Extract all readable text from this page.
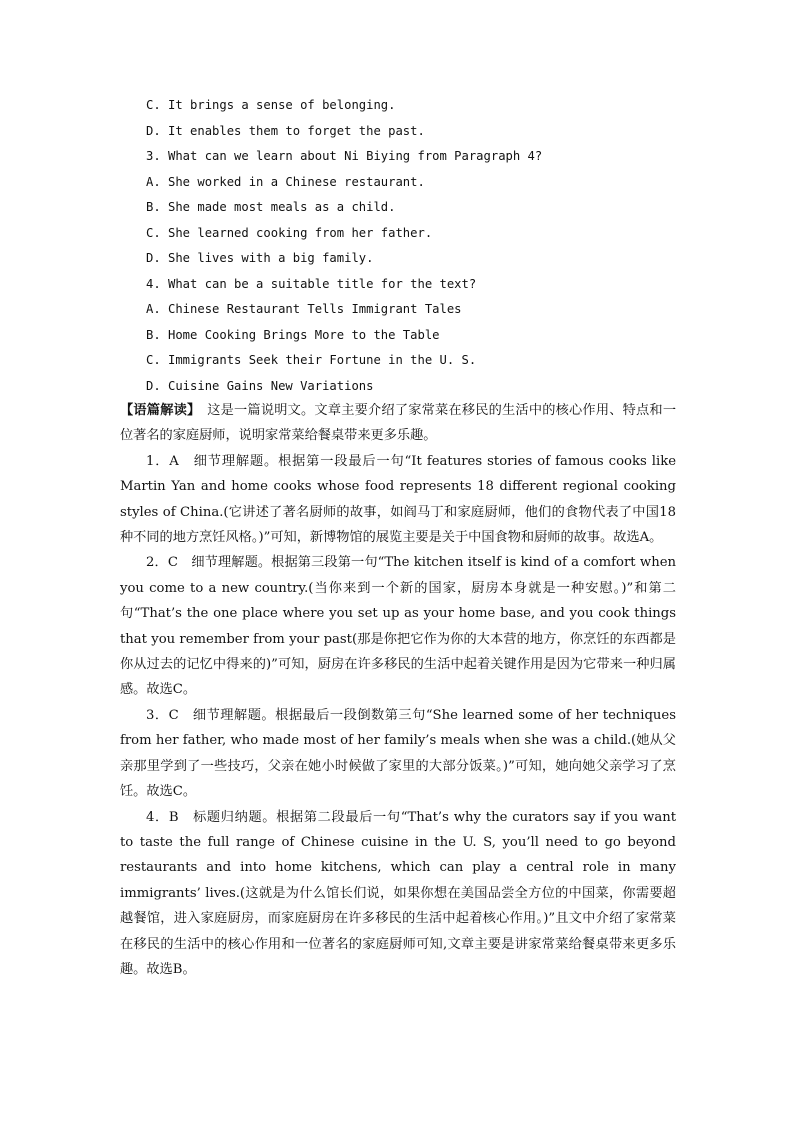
C. It brings a sense of belonging.
D. It enables them to forget the past.
3. What can we learn about Ni Biying from Paragraph 4?
A. She worked in a Chinese restaurant.
B. She made most meals as a child.
C. She learned cooking from her father.
D. She lives with a big family.
4. What can be a suitable title for the text?
A. Chinese Restaurant Tells Immigrant Tales
B. Home Cooking Brings More to the Table
C. Immigrants Seek their Fortune in the U. S.
D. Cuisine Gains New Variations

【语篇解读】　这是一篇说明文。文章主要介绍了家常菜在移民的生活中的核心作用、特点和一位著名的家庭厨师，说明家常菜给餐桌带来更多乐趣。

1．A　细节理解题。根据第一段最后一句“It features stories of famous cooks like Martin Yan and home cooks whose food represents 18 different regional cooking styles of China.(它讲述了著名厨师的故事，如阎马丁和家庭厨师，他们的食物代表了中国18种不同的地方烹饪风格。)”可知，新博物馆的展览主要是关于中国食物和厨师的故事。故选A。

2．C　细节理解题。根据第三段第一句“The kitchen itself is kind of a comfort when you come to a new country.(当你来到一个新的国家，厨房本身就是一种安慰。)”和第二句“That’s the one place where you set up as your home base, and you cook things that you remember from your past(那是你把它作为你的大本营的地方，你烹饪的东西都是你从过去的记忆中得来的)”可知，厨房在许多移民的生活中起着关键作用是因为它带来一种归属感。故选C。

3．C　细节理解题。根据最后一段倒数第三句“She learned some of her techniques from her father, who made most of her family’s meals when she was a child.(她从父亲那里学到了一些技巧，父亲在她小时候做了家里的大部分饭菜。)”可知，她向她父亲学习了烹饪。故选C。

4．B　标题归纳题。根据第二段最后一句“That’s why the curators say if you want to taste the full range of Chinese cuisine in the U. S, you’ll need to go beyond restaurants and into home kitchens, which can play a central role in many immigrants’ lives.(这就是为什么馆长们说，如果你想在美国品尝全方位的中国菜，你需要超越餐馆，进入家庭厨房，而家庭厨房在许多移民的生活中起着核心作用。)”且文中介绍了家常菜在移民的生活中的核心作用和一位著名的家庭厨师可知,文章主要是讲家常菜给餐桌带来更多乐趣。故选B。
